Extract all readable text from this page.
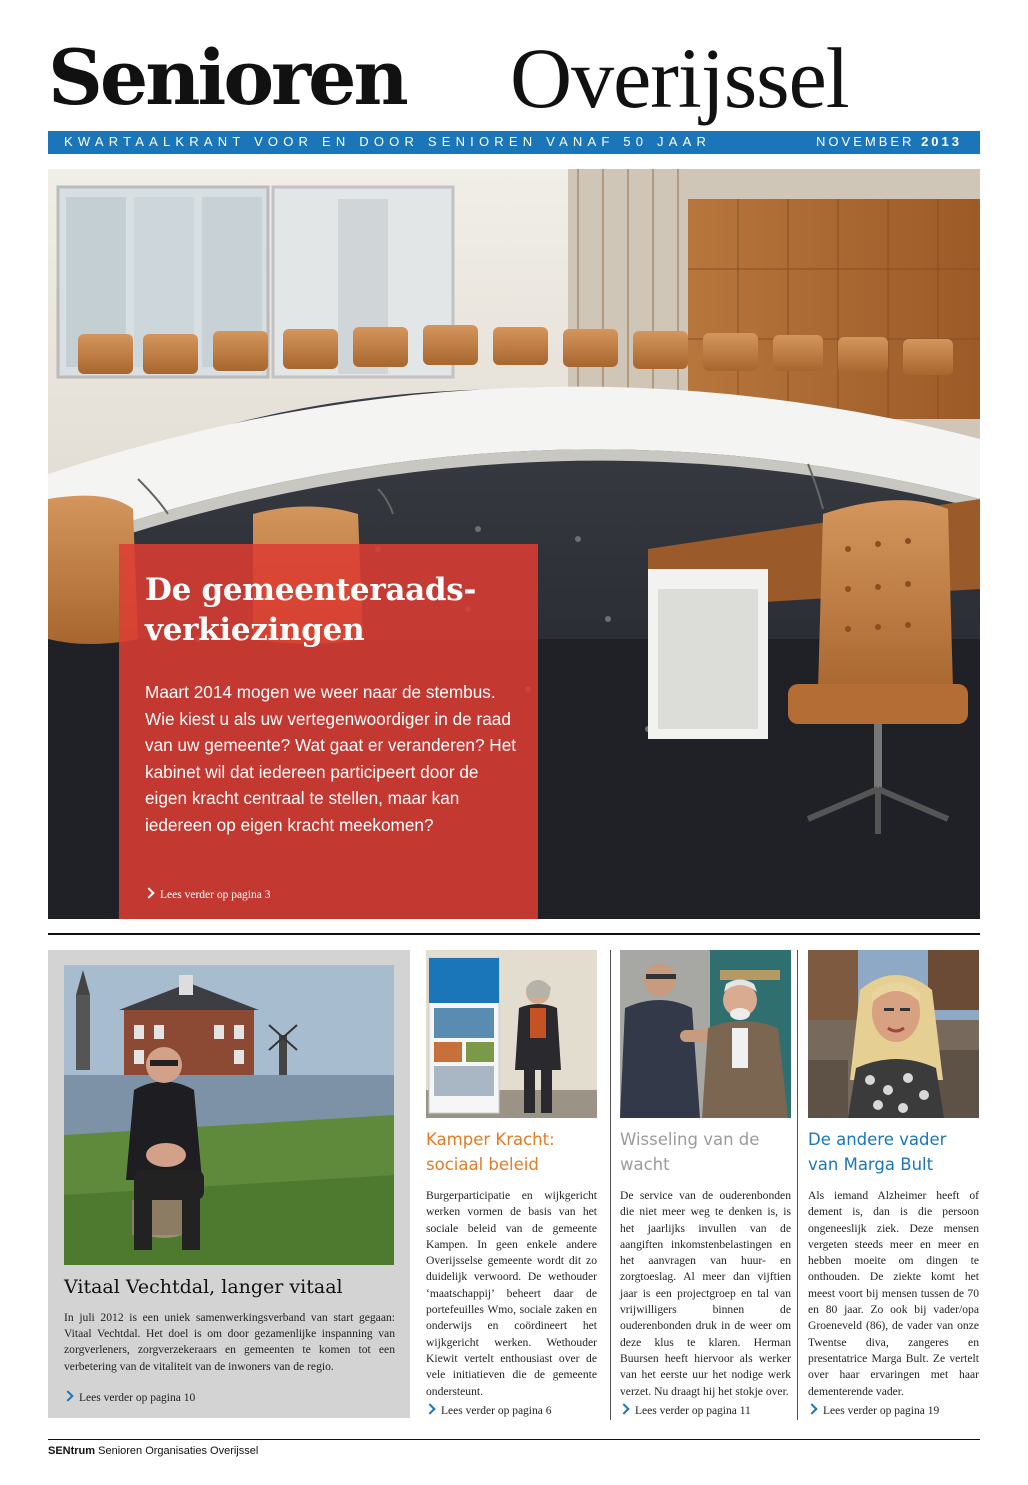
Senioren Overijssel
KWARTAALKRANT VOOR EN DOOR SENIOREN VANAF 50 JAAR	NOVEMBER 2013
De gemeenteraads-verkiezingen

Maart 2014 mogen we weer naar de stembus. Wie kiest u als uw vertegenwoordiger in de raad van uw gemeente? Wat gaat er veranderen? Het kabinet wil dat iedereen participeert door de eigen kracht centraal te stellen, maar kan iedereen op eigen kracht meekomen?

Lees verder op pagina 3
Vitaal Vechtdal, langer vitaal

In juli 2012 is een uniek samenwerkingsverband van start gegaan: Vitaal Vechtdal. Het doel is om door gezamenlijke inspanning van zorgverleners, zorgverzekeraars en gemeenten te komen tot een verbetering van de vitaliteit van de inwoners van de regio.

Lees verder op pagina 10
Kamper Kracht: sociaal beleid

Burgerparticipatie en wijkgericht werken vormen de basis van het sociale beleid van de gemeente Kampen. In geen enkele andere Overijsselse gemeente wordt dit zo duidelijk verwoord. De wethouder ‘maatschappij’ beheert daar de portefeuilles Wmo, sociale zaken en onderwijs en coördineert het wijkgericht werken. Wethouder Kiewit vertelt enthousiast over de vele initiatieven die de gemeente ondersteunt.

Lees verder op pagina 6
Wisseling van de wacht

De service van de ouderenbonden die niet meer weg te denken is, is het jaarlijks invullen van de aangiften inkomstenbelastingen en het aanvragen van huur- en zorgtoeslag. Al meer dan vijftien jaar is een projectgroep en tal van vrijwilligers binnen de ouderenbonden druk in de weer om deze klus te klaren. Herman Buursen heeft hiervoor als werker van het eerste uur het nodige werk verzet. Nu draagt hij het stokje over.

Lees verder op pagina 11
De andere vader van Marga Bult

Als iemand Alzheimer heeft of dement is, dan is die persoon ongeneeslijk ziek. Deze mensen vergeten steeds meer en meer en hebben moeite om dingen te onthouden. De ziekte komt het meest voort bij mensen tussen de 70 en 80 jaar. Zo ook bij vader/opa Groeneveld (86), de vader van onze Twentse diva, zangeres en presentatrice Marga Bult. Ze vertelt over haar ervaringen met haar dementerende vader.

Lees verder op pagina 19
SENtrum Senioren Organisaties Overijssel
